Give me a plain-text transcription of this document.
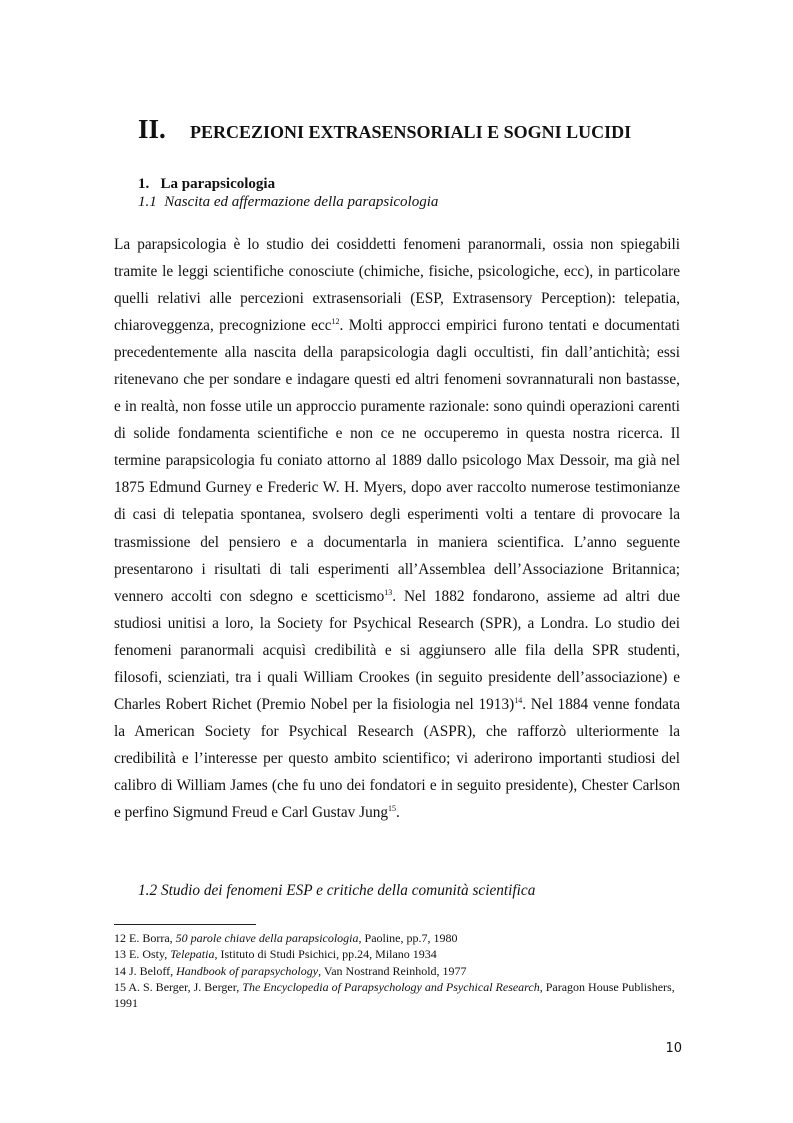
II. PERCEZIONI EXTRASENSORIALI E SOGNI LUCIDI
1. La parapsicologia
1.1 Nascita ed affermazione della parapsicologia

La parapsicologia è lo studio dei cosiddetti fenomeni paranormali, ossia non spiegabili tramite le leggi scientifiche conosciute (chimiche, fisiche, psicologiche, ecc), in particolare quelli relativi alle percezioni extrasensoriali (ESP, Extrasensory Perception): telepatia, chiaroveggenza, precognizione ecc$^{12}$. Molti approcci empirici furono tentati e documentati precedentemente alla nascita della parapsicologia dagli occultisti, fin dall’antichità; essi ritenevano che per sondare e indagare questi ed altri fenomeni sovrannaturali non bastasse, e in realtà, non fosse utile un approccio puramente razionale: sono quindi operazioni carenti di solide fondamenta scientifiche e non ce ne occuperemo in questa nostra ricerca. Il termine parapsicologia fu coniato attorno al 1889 dallo psicologo Max Dessoir, ma già nel 1875 Edmund Gurney e Frederic W. H. Myers, dopo aver raccolto numerose testimonianze di casi di telepatia spontanea, svolsero degli esperimenti volti a tentare di provocare la trasmissione del pensiero e a documentarla in maniera scientifica. L’anno seguente presentarono i risultati di tali esperimenti all’Assemblea dell’Associazione Britannica; vennero accolti con sdegno e scetticismo$^{13}$. Nel 1882 fondarono, assieme ad altri due studiosi unitisi a loro, la Society for Psychical Research (SPR), a Londra. Lo studio dei fenomeni paranormali acquisì credibilità e si aggiunsero alle fila della SPR studenti, filosofi, scienziati, tra i quali William Crookes (in seguito presidente dell’associazione) e Charles Robert Richet (Premio Nobel per la fisiologia nel 1913)$^{14}$. Nel 1884 venne fondata la American Society for Psychical Research (ASPR), che rafforzò ulteriormente la credibilità e l’interesse per questo ambito scientifico; vi aderirono importanti studiosi del calibro di William James (che fu uno dei fondatori e in seguito presidente), Chester Carlson e perfino Sigmund Freud e Carl Gustav Jung$^{15}$.

1.2 Studio dei fenomeni ESP e critiche della comunità scientifica
12 E. Borra, 50 parole chiave della parapsicologia, Paoline, pp.7, 1980
13 E. Osty, Telepatia, Istituto di Studi Psichici, pp.24, Milano 1934
14 J. Beloff, Handbook of parapsychology, Van Nostrand Reinhold, 1977
15 A. S. Berger, J. Berger, The Encyclopedia of Parapsychology and Psychical Research, Paragon House Publishers, 1991
10
